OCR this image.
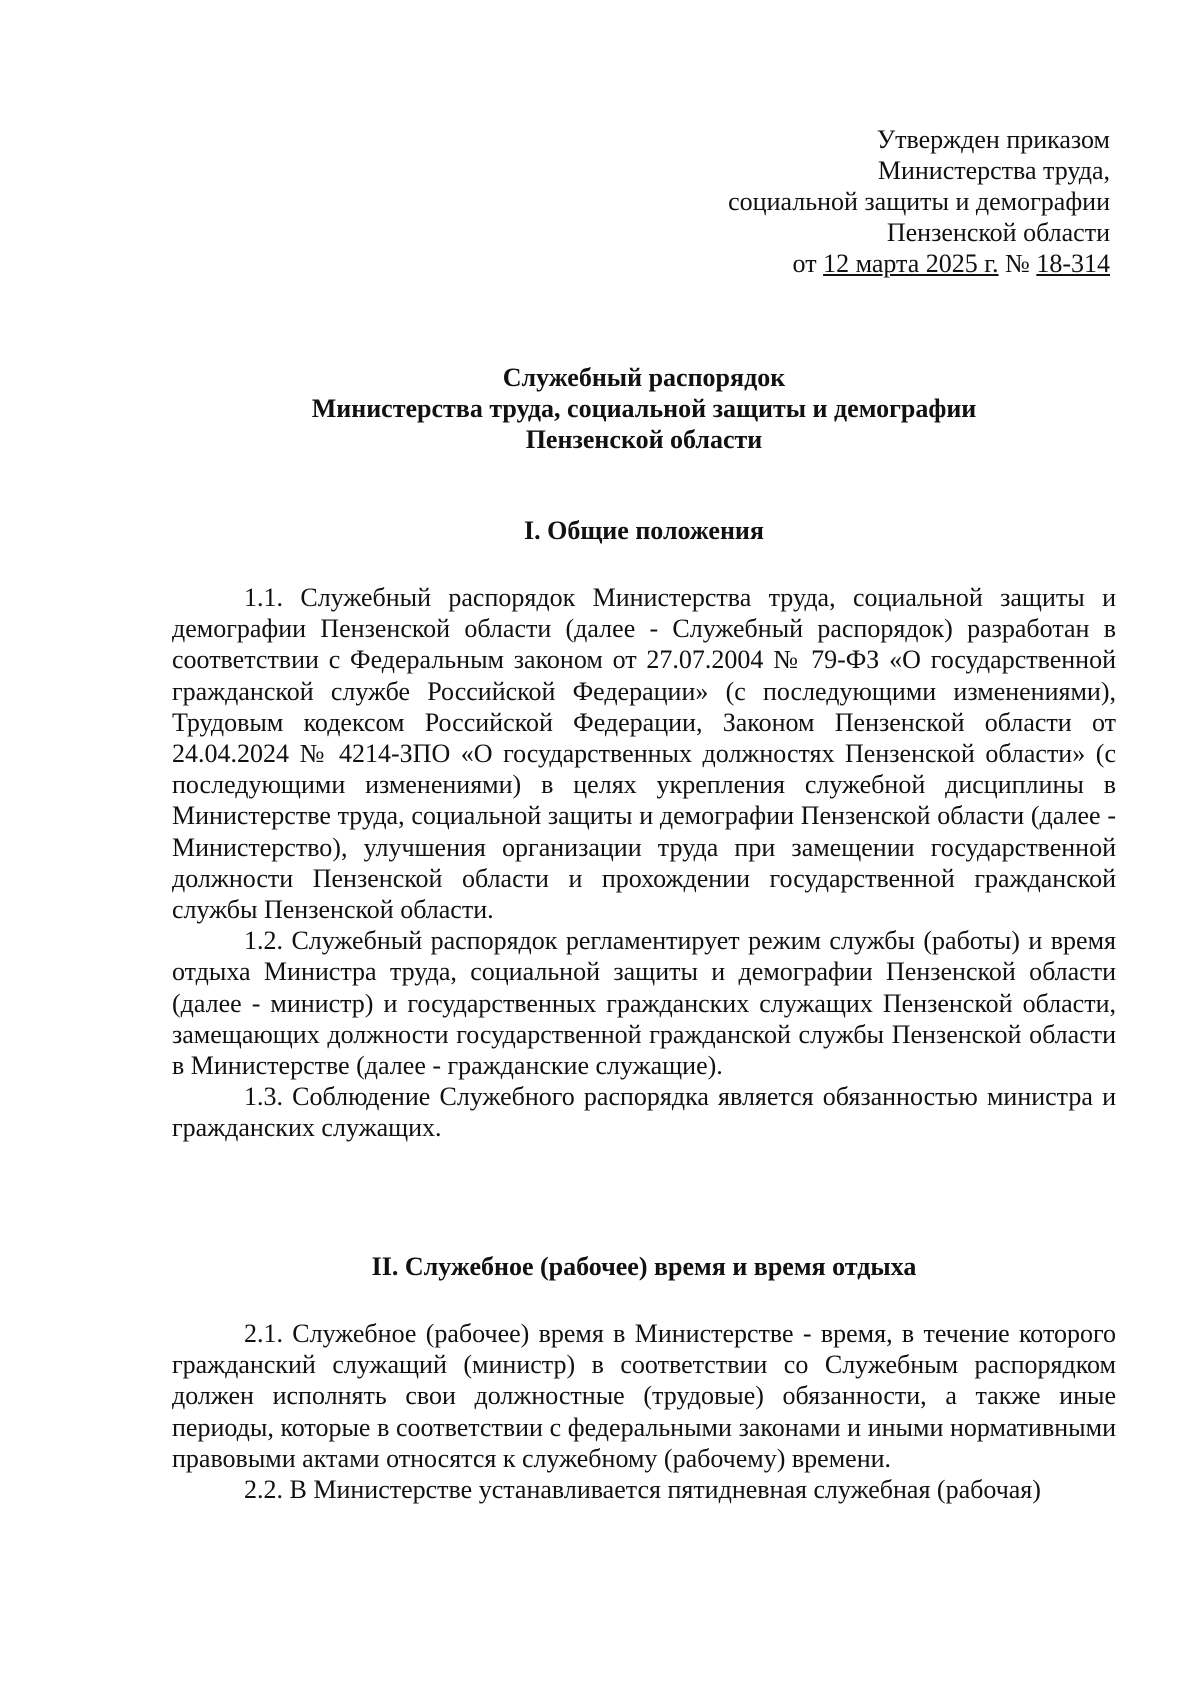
Утвержден приказом
Министерства труда,
социальной защиты и демографии
Пензенской области
от 12 марта 2025 г. № 18-314
Служебный распорядок
Министерства труда, социальной защиты и демографии
Пензенской области
I. Общие положения

1.1. Служебный распорядок Министерства труда, социальной защиты и демографии Пензенской области (далее - Служебный распорядок) разработан в соответствии с Федеральным законом от 27.07.2004 № 79-ФЗ «О государственной гражданской службе Российской Федерации» (с последующими изменениями), Трудовым кодексом Российской Федерации, Законом Пензенской области от 24.04.2024 № 4214-ЗПО «О государственных должностях Пензенской области» (с последующими изменениями) в целях укрепления служебной дисциплины в Министерстве труда, социальной защиты и демографии Пензенской области (далее - Министерство), улучшения организации труда при замещении государственной должности Пензенской области и прохождении государственной гражданской службы Пензенской области.

1.2. Служебный распорядок регламентирует режим службы (работы) и время отдыха Министра труда, социальной защиты и демографии Пензенской области (далее - министр) и государственных гражданских служащих Пензенской области, замещающих должности государственной гражданской службы Пензенской области в Министерстве (далее - гражданские служащие).

1.3. Соблюдение Служебного распорядка является обязанностью министра и гражданских служащих.

II. Служебное (рабочее) время и время отдыха

2.1. Служебное (рабочее) время в Министерстве - время, в течение которого гражданский служащий (министр) в соответствии со Служебным распорядком должен исполнять свои должностные (трудовые) обязанности, а также иные периоды, которые в соответствии с федеральными законами и иными нормативными правовыми актами относятся к служебному (рабочему) времени.

2.2. В Министерстве устанавливается пятидневная служебная (рабочая)
